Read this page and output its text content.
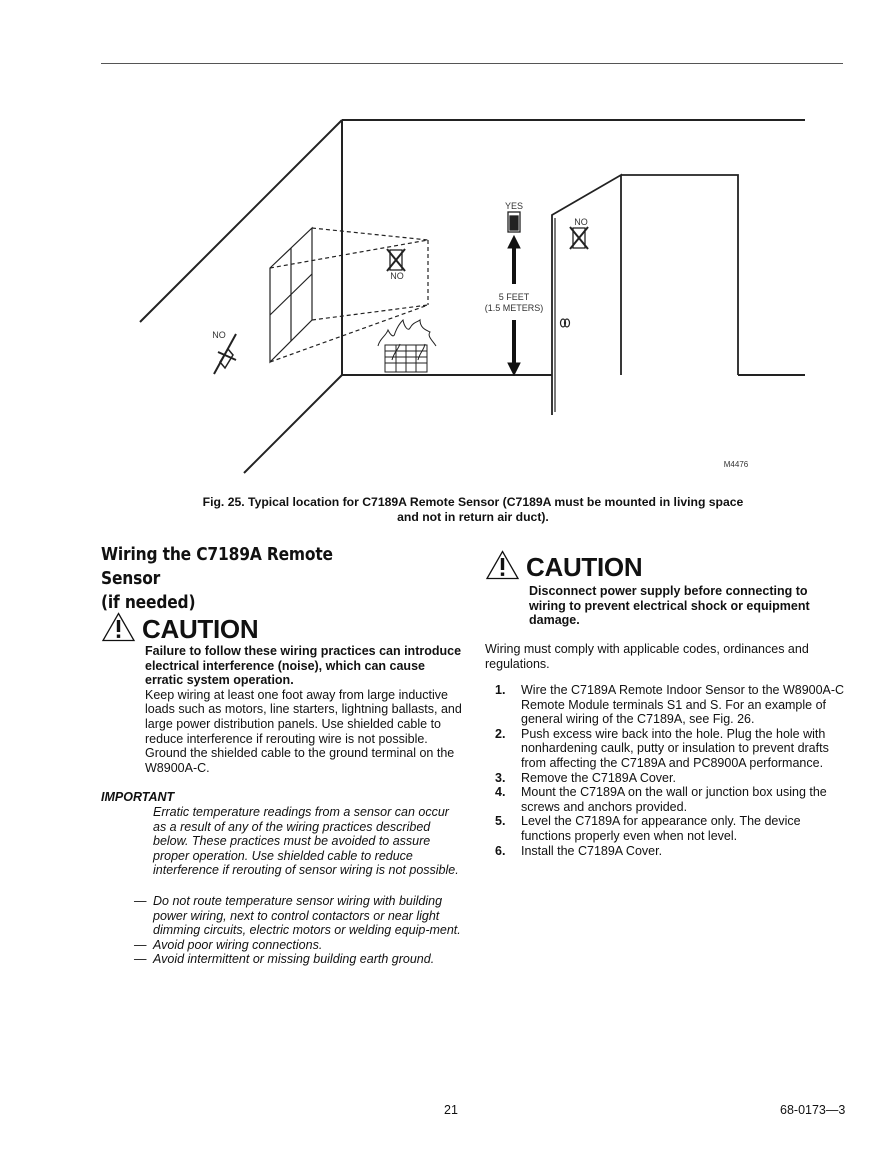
YES
NO
NO
NO
5 FEET
(1.5 METERS)
M4476
Fig. 25. Typical location for C7189A Remote Sensor (C7189A must be mounted in living space and not in return air duct).
Wiring the C7189A Remote Sensor
(if needed)
CAUTION
Failure to follow these wiring practices can introduce electrical interference (noise), which can cause erratic system operation.
Keep wiring at least one foot away from large inductive loads such as motors, line starters, lightning ballasts, and large power distribution panels. Use shielded cable to reduce interference if rerouting wire is not possible. Ground the shielded cable to the ground terminal on the W8900A-C.
IMPORTANT
Erratic temperature readings from a sensor can occur as a result of any of the wiring practices described below. These practices must be avoided to assure proper operation. Use shielded cable to reduce interference if rerouting of sensor wiring is not possible.
— Do not route temperature sensor wiring with building power wiring, next to control contactors or near light dimming circuits, electric motors or welding equip-ment.
— Avoid poor wiring connections.
— Avoid intermittent or missing building earth ground.
CAUTION
Disconnect power supply before connecting to wiring to prevent electrical shock or equipment damage.
Wiring must comply with applicable codes, ordinances and regulations.
1.	Wire the C7189A Remote Indoor Sensor to the W8900A-C Remote Module terminals S1 and S. For an example of general wiring of the C7189A, see Fig. 26.
2.	Push excess wire back into the hole. Plug the hole with nonhardening caulk, putty or insulation to prevent drafts from affecting the C7189A and PC8900A performance.
3.	Remove the C7189A Cover.
4.	Mount the C7189A on the wall or junction box using the screws and anchors provided.
5.	Level the C7189A for appearance only. The device functions properly even when not level.
6.	Install the C7189A Cover.
21	68-0173—3
